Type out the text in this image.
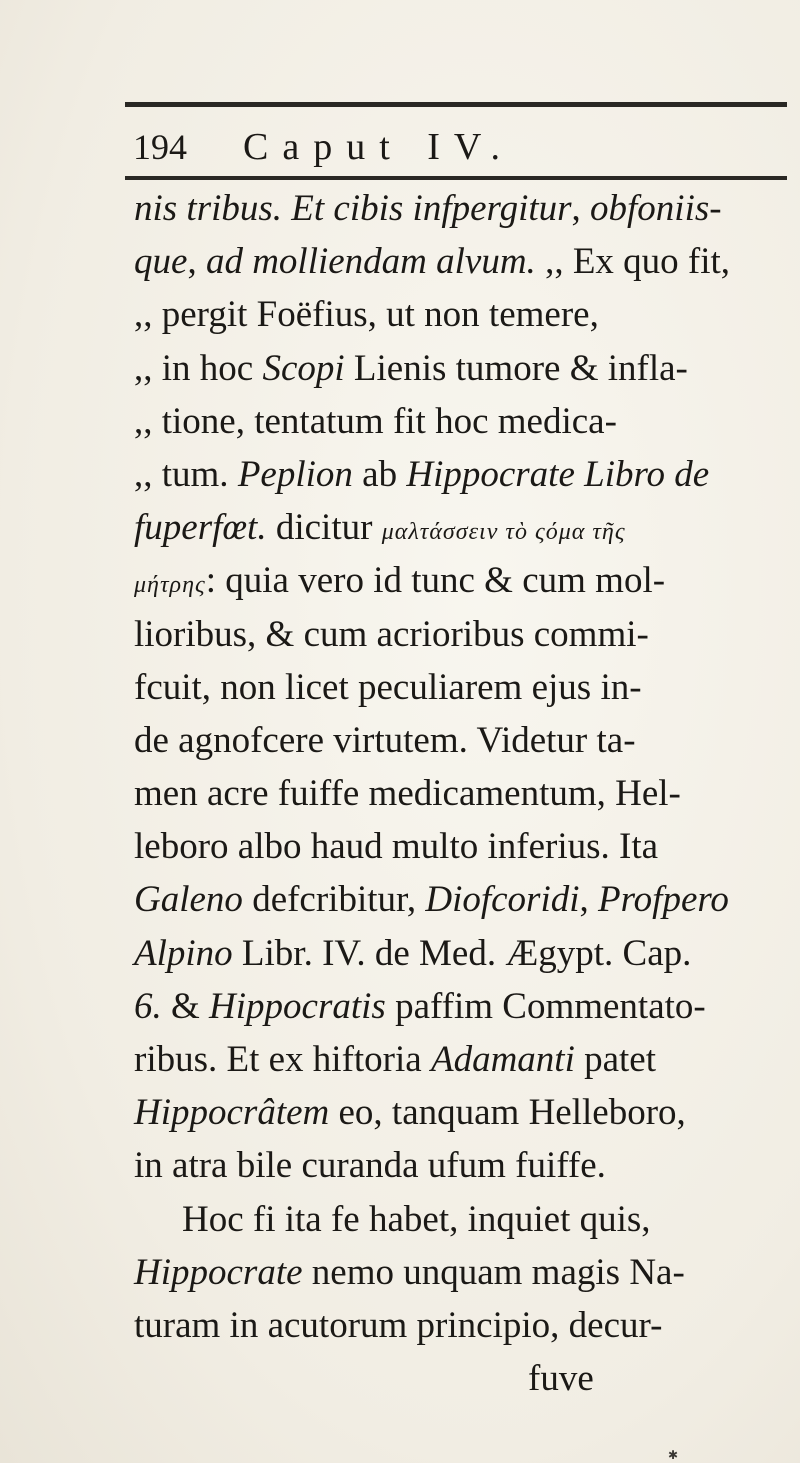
194 Caput IV.
nis tribus. Et cibis infpergitur, obfoniis-
que, ad molliendam alvum. ,, Ex quo fit,
,, pergit Foëfius, ut non temere,
,, in hoc Scopi Lienis tumore & infla-
,, tione, tentatum fit hoc medica-
,, tum. Peplion ab Hippocrate Libro de
fuperfœt. dicitur μαλτάσσειν τὸ ςόμα τῆς
μήτρης: quia vero id tunc & cum mol-
lioribus, & cum acrioribus commi-
fcuit, non licet peculiarem ejus in-
de agnofcere virtutem. Videtur ta-
men acre fuiffe medicamentum, Hel-
leboro albo haud multo inferius. Ita
Galeno defcribitur, Diofcoridi, Profpero
Alpino Libr. IV. de Med. Ægypt. Cap.
6. & Hippocratis paffim Commentato-
ribus. Et ex hiftoria Adamanti patet
Hippocrâtem eo, tanquam Helleboro,
in atra bile curanda ufum fuiffe.
Hoc fi ita fe habet, inquiet quis,
Hippocrate nemo unquam magis Na-
turam in acutorum principio, decur-
fuve
✱
